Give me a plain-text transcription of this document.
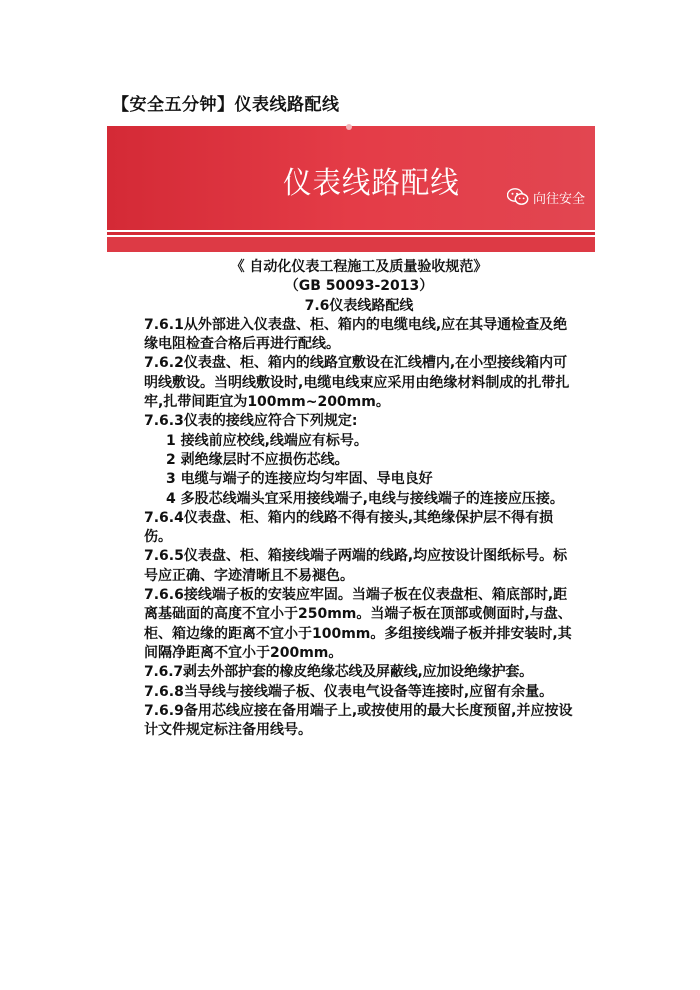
【安全五分钟】仪表线路配线
仪表线路配线	向往安全
《 自动化仪表工程施工及质量验收规范》
（GB 50093-2013）
7.6仪表线路配线

7.6.1从外部进入仪表盘、柜、箱内的电缆电线,应在其导通检查及绝缘电阻检查合格后再进行配线。

7.6.2仪表盘、柜、箱内的线路宜敷设在汇线槽内,在小型接线箱内可明线敷设。当明线敷设时,电缆电线束应采用由绝缘材料制成的扎带扎牢,扎带间距宜为100mm~200mm。

7.6.3仪表的接线应符合下列规定:

1 接线前应校线,线端应有标号。

2 剥绝缘层时不应损伤芯线。

3 电缆与端子的连接应均匀牢固、导电良好

4 多股芯线端头宜采用接线端子,电线与接线端子的连接应压接。

7.6.4仪表盘、柜、箱内的线路不得有接头,其绝缘保护层不得有损伤。

7.6.5仪表盘、柜、箱接线端子两端的线路,均应按设计图纸标号。标号应正确、字迹清晰且不易褪色。

7.6.6接线端子板的安装应牢固。当端子板在仪表盘柜、箱底部时,距离基础面的高度不宜小于250mm。当端子板在顶部或侧面时,与盘、柜、箱边缘的距离不宜小于100mm。多组接线端子板并排安装时,其间隔净距离不宜小于200mm。

7.6.7剥去外部护套的橡皮绝缘芯线及屏蔽线,应加设绝缘护套。

7.6.8当导线与接线端子板、仪表电气设备等连接时,应留有余量。

7.6.9备用芯线应接在备用端子上,或按使用的最大长度预留,并应按设计文件规定标注备用线号。
